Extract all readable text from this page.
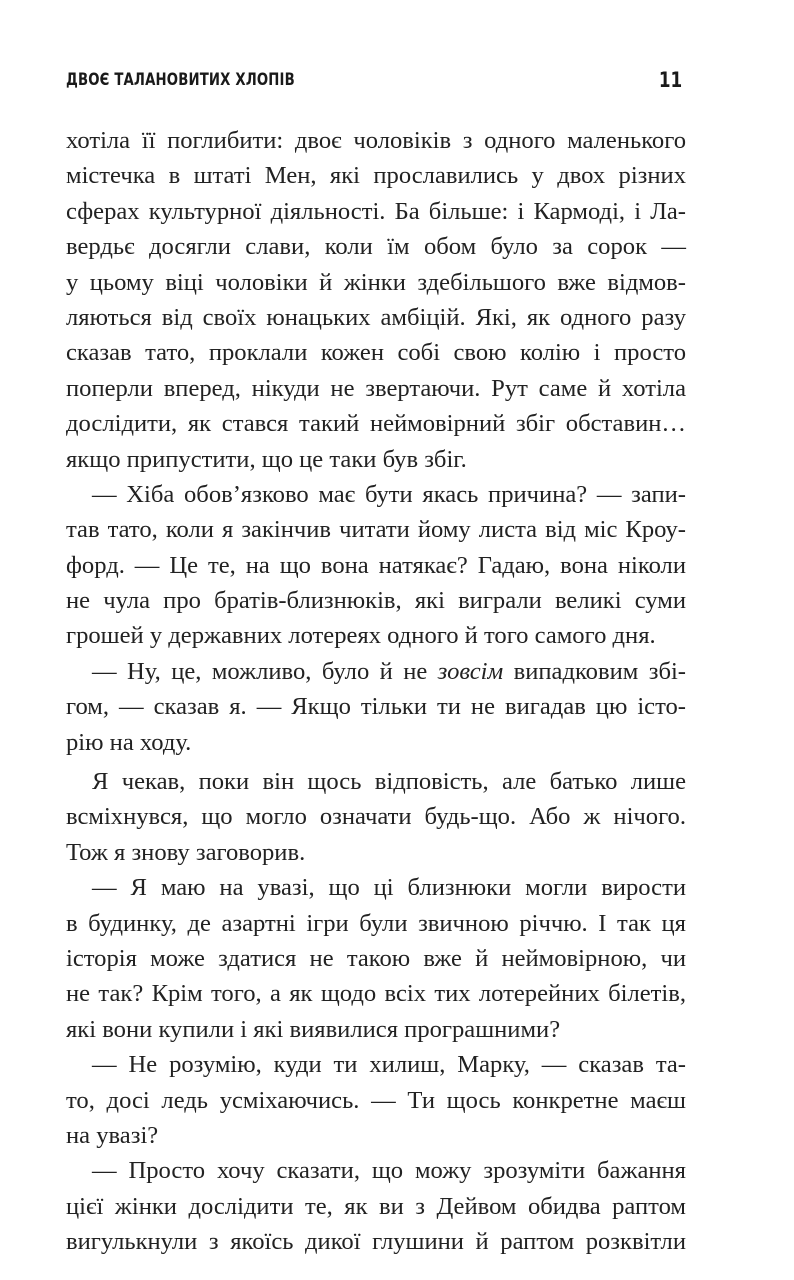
ДВОЄ ТАЛАНОВИТИХ ХЛОПІВ	11
хотіла її поглибити: двоє чоловіків з одного маленького
містечка в штаті Мен, які прославились у двох різних
сферах культурної діяльності. Ба більше: і Кармоді, і Ла-
вердьє досягли слави, коли їм обом було за сорок —
у цьому віці чоловіки й жінки здебільшого вже відмов-
ляються від своїх юнацьких амбіцій. Які, як одного разу
сказав тато, проклали кожен собі свою колію і просто
поперли вперед, нікуди не звертаючи. Рут саме й хотіла
дослідити, як стався такий неймовірний збіг обставин…
якщо припустити, що це таки був збіг.
— Хіба обов’язково має бути якась причина? — запи-
тав тато, коли я закінчив читати йому листа від міс Кроу-
форд. — Це те, на що вона натякає? Гадаю, вона ніколи
не чула про братів-близнюків, які виграли великі суми
грошей у державних лотереях одного й того самого дня.
— Ну, це, можливо, було й не зовсім випадковим збі-
гом, — сказав я. — Якщо тільки ти не вигадав цю істо-
рію на ходу.
Я чекав, поки він щось відповість, але батько лише
всміхнувся, що могло означати будь-що. Або ж нічого.
Тож я знову заговорив.
— Я маю на увазі, що ці близнюки могли вирости
в будинку, де азартні ігри були звичною річчю. І так ця
історія може здатися не такою вже й неймовірною, чи
не так? Крім того, а як щодо всіх тих лотерейних білетів,
які вони купили і які виявилися програшними?
— Не розумію, куди ти хилиш, Марку, — сказав та-
то, досі ледь усміхаючись. — Ти щось конкретне маєш
на увазі?
— Просто хочу сказати, що можу зрозуміти бажання
цієї жінки дослідити те, як ви з Дейвом обидва раптом
вигулькнули з якоїсь дикої глушини й раптом розквітли
